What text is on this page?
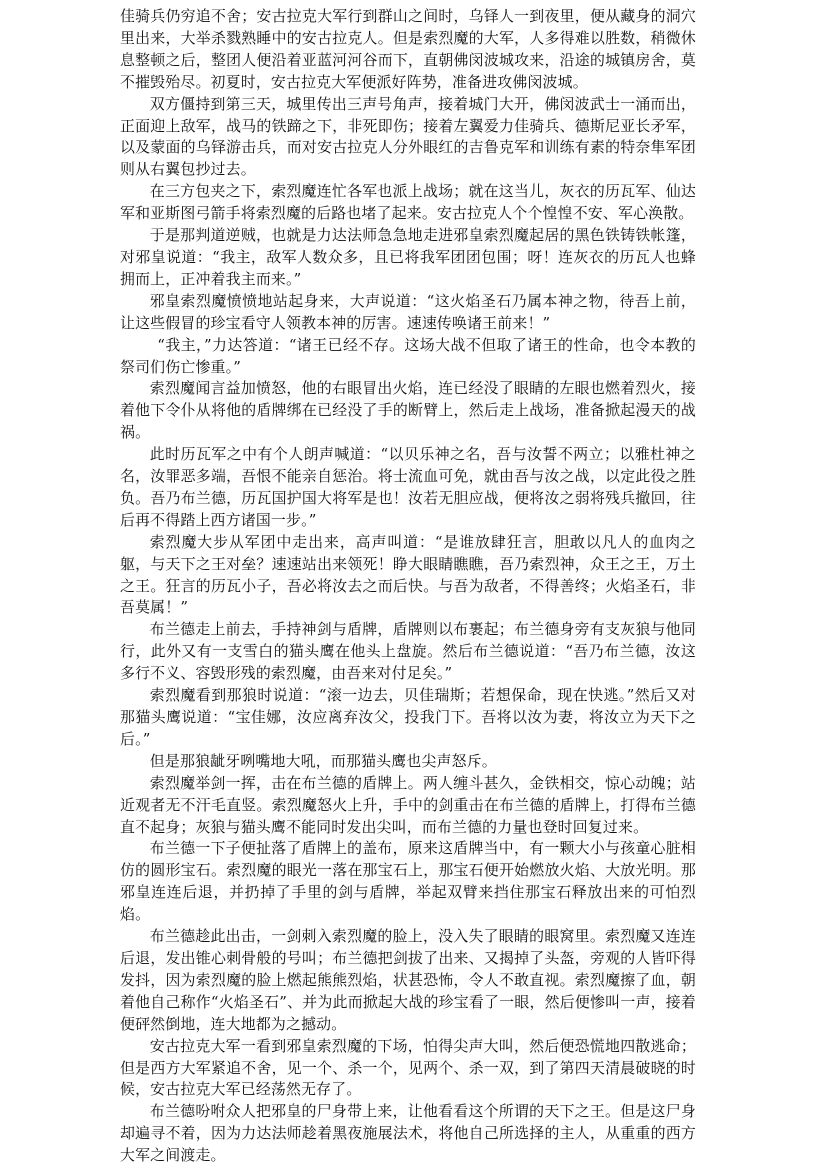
佳骑兵仍穷追不舍；安古拉克大军行到群山之间时，乌铎人一到夜里，便从藏身的洞穴里出来，大举杀戮熟睡中的安古拉克人。但是索烈魔的大军，人多得难以胜数，稍微休息整顿之后，整团人便沿着亚蓝河河谷而下，直朝佛闵波城攻来，沿途的城镇房舍，莫不摧毁殆尽。初夏时，安古拉克大军便派好阵势，准备进攻佛闵波城。

双方僵持到第三天，城里传出三声号角声，接着城门大开，佛闵波武士一涌而出，正面迎上敌军，战马的铁蹄之下，非死即伤；接着左翼爱力佳骑兵、德斯尼亚长矛军，以及蒙面的乌铎游击兵，而对安古拉克人分外眼红的吉鲁克军和训练有素的特奈隼军团则从右翼包抄过去。

在三方包夹之下，索烈魔连忙各军也派上战场；就在这当儿，灰衣的历瓦军、仙达军和亚斯图弓箭手将索烈魔的后路也堵了起来。安古拉克人个个惶惶不安、军心涣散。

于是那判道逆贼，也就是力达法师急急地走进邪皇索烈魔起居的黑色铁铸铁帐篷，对邪皇说道：“我主，敌军人数众多，且已将我军团团包围；呀！连灰衣的历瓦人也蜂拥而上，正冲着我主而来。”

邪皇索烈魔愤愤地站起身来，大声说道：“这火焰圣石乃属本神之物，待吾上前，让这些假冒的珍宝看守人领教本神的厉害。速速传唤诸王前来！”

“我主，”力达答道：“诸王已经不存。这场大战不但取了诸王的性命，也令本教的祭司们伤亡惨重。”

索烈魔闻言益加愤怒，他的右眼冒出火焰，连已经没了眼睛的左眼也燃着烈火，接着他下令仆从将他的盾牌绑在已经没了手的断臂上，然后走上战场，准备掀起漫天的战祸。

此时历瓦军之中有个人朗声喊道：“以贝乐神之名，吾与汝誓不两立；以雅杜神之名，汝罪恶多端，吾恨不能亲自惩治。将士流血可免，就由吾与汝之战，以定此役之胜负。吾乃布兰德，历瓦国护国大将军是也！汝若无胆应战，便将汝之弱将残兵撤回，往后再不得踏上西方诸国一步。”

索烈魔大步从军团中走出来，高声叫道：“是谁放肆狂言，胆敢以凡人的血肉之躯，与天下之王对垒？速速站出来领死！睁大眼睛瞧瞧，吾乃索烈神，众王之王，万土之王。狂言的历瓦小子，吾必将汝去之而后快。与吾为敌者，不得善终；火焰圣石，非吾莫属！”

布兰德走上前去，手持神剑与盾牌，盾牌则以布裹起；布兰德身旁有支灰狼与他同行，此外又有一支雪白的猫头鹰在他头上盘旋。然后布兰德说道：“吾乃布兰德，汝这多行不义、容毁形残的索烈魔，由吾来对付足矣。”

索烈魔看到那狼时说道：“滚一边去，贝佳瑞斯；若想保命，现在快逃。”然后又对那猫头鹰说道：“宝佳娜，汝应离弃汝父，投我门下。吾将以汝为妻，将汝立为天下之后。”

但是那狼龇牙咧嘴地大吼，而那猫头鹰也尖声怒斥。

索烈魔举剑一挥，击在布兰德的盾牌上。两人缠斗甚久，金铁相交，惊心动魄；站近观者无不汗毛直竖。索烈魔怒火上升，手中的剑重击在布兰德的盾牌上，打得布兰德直不起身；灰狼与猫头鹰不能同时发出尖叫，而布兰德的力量也登时回复过来。

布兰德一下子便扯落了盾牌上的盖布，原来这盾牌当中，有一颗大小与孩童心脏相仿的圆形宝石。索烈魔的眼光一落在那宝石上，那宝石便开始燃放火焰、大放光明。那邪皇连连后退，并扔掉了手里的剑与盾牌，举起双臂来挡住那宝石释放出来的可怕烈焰。

布兰德趁此出击，一剑刺入索烈魔的脸上，没入失了眼睛的眼窝里。索烈魔又连连后退，发出锥心刺骨般的号叫；布兰德把剑拔了出来、又揭掉了头盔，旁观的人皆吓得发抖，因为索烈魔的脸上燃起熊熊烈焰，状甚恐怖，令人不敢直视。索烈魔擦了血，朝着他自己称作“火焰圣石”、并为此而掀起大战的珍宝看了一眼，然后便惨叫一声，接着便砰然倒地，连大地都为之撼动。

安古拉克大军一看到邪皇索烈魔的下场，怕得尖声大叫，然后便恐慌地四散逃命；但是西方大军紧追不舍，见一个、杀一个，见两个、杀一双，到了第四天清晨破晓的时候，安古拉克大军已经荡然无存了。

布兰德吩咐众人把邪皇的尸身带上来，让他看看这个所谓的天下之王。但是这尸身却遍寻不着，因为力达法师趁着黑夜施展法术，将他自己所选择的主人，从重重的西方大军之间渡走。
